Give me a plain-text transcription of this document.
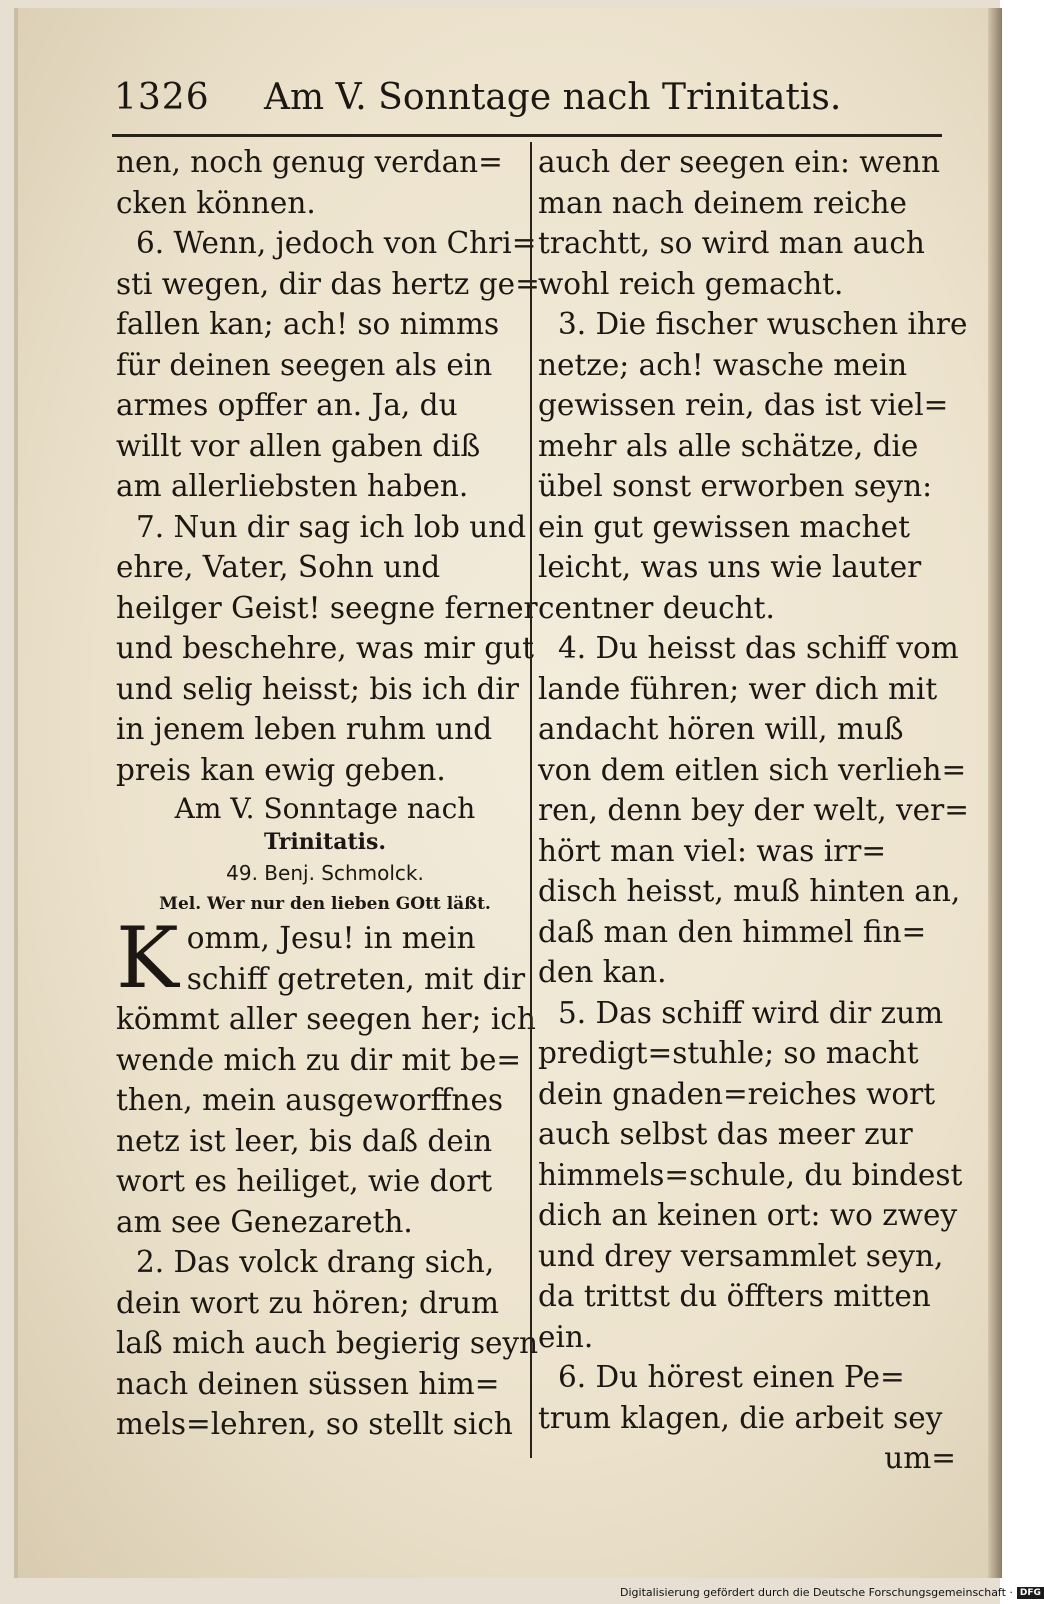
1326 Am V. Sonntage nach Trinitatis.
nen, noch genug verdan=
cken können.
6. Wenn, jedoch von Chri=
sti wegen, dir das hertz ge=
fallen kan; ach! so nimms
für deinen seegen als ein
armes opffer an. Ja, du
willt vor allen gaben diß
am allerliebsten haben.
7. Nun dir sag ich lob und
ehre, Vater, Sohn und
heilger Geist! seegne ferner
und beschehre, was mir gut
und selig heisst; bis ich dir
in jenem leben ruhm und
preis kan ewig geben.
Am V. Sonntage nach
Trinitatis.
49. Benj. Schmolck.
Mel. Wer nur den lieben GOtt läßt.
K omm, Jesu! in mein
schiff getreten, mit dir
kömmt aller seegen her; ich
wende mich zu dir mit be=
then, mein ausgeworffnes
netz ist leer, bis daß dein
wort es heiliget, wie dort
am see Genezareth.
2. Das volck drang sich,
dein wort zu hören; drum
laß mich auch begierig seyn
nach deinen süssen him=
mels=lehren, so stellt sich
auch der seegen ein: wenn
man nach deinem reiche
trachtt, so wird man auch
wohl reich gemacht.
3. Die fischer wuschen ihre
netze; ach! wasche mein
gewissen rein, das ist viel=
mehr als alle schätze, die
übel sonst erworben seyn:
ein gut gewissen machet
leicht, was uns wie lauter
centner deucht.
4. Du heisst das schiff vom
lande führen; wer dich mit
andacht hören will, muß
von dem eitlen sich verlieh=
ren, denn bey der welt, ver=
hört man viel: was irr=
disch heisst, muß hinten an,
daß man den himmel fin=
den kan.
5. Das schiff wird dir zum
predigt=stuhle; so macht
dein gnaden=reiches wort
auch selbst das meer zur
himmels=schule, du bindest
dich an keinen ort: wo zwey
und drey versammlet seyn,
da trittst du öffters mitten
ein.
6. Du hörest einen Pe=
trum klagen, die arbeit sey
um=
Digitalisierung gefördert durch die Deutsche Forschungsgemeinschaft · DFG
